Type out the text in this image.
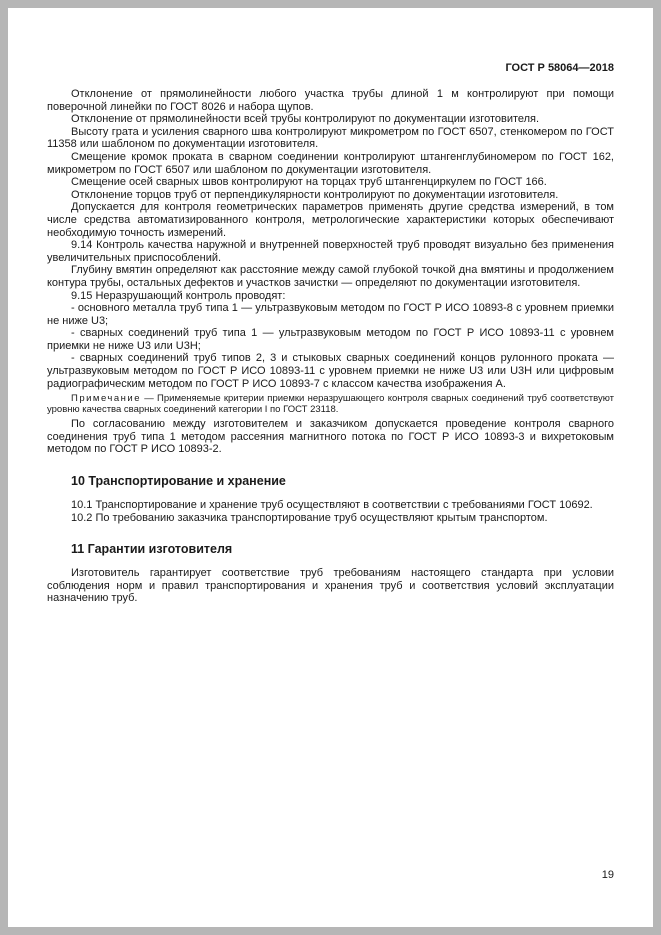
ГОСТ Р 58064—2018

Отклонение от прямолинейности любого участка трубы длиной 1 м контролируют при помощи поверочной линейки по ГОСТ 8026 и набора щупов.

Отклонение от прямолинейности всей трубы контролируют по документации изготовителя.

Высоту грата и усиления сварного шва контролируют микрометром по ГОСТ 6507, стенкомером по ГОСТ 11358 или шаблоном по документации изготовителя.

Смещение кромок проката в сварном соединении контролируют штангенглубиномером по ГОСТ 162, микрометром по ГОСТ 6507 или шаблоном по документации изготовителя.

Смещение осей сварных швов контролируют на торцах труб штангенциркулем по ГОСТ 166.

Отклонение торцов труб от перпендикулярности контролируют по документации изготовителя.

Допускается для контроля геометрических параметров применять другие средства измерений, в том числе средства автоматизированного контроля, метрологические характеристики которых обеспечивают необходимую точность измерений.

9.14 Контроль качества наружной и внутренней поверхностей труб проводят визуально без применения увеличительных приспособлений.

Глубину вмятин определяют как расстояние между самой глубокой точкой дна вмятины и продолжением контура трубы, остальных дефектов и участков зачистки — определяют по документации изготовителя.

9.15 Неразрушающий контроль проводят:

- основного металла труб типа 1 — ультразвуковым методом по ГОСТ Р ИСО 10893-8 с уровнем приемки не ниже U3;

- сварных соединений труб типа 1 — ультразвуковым методом по ГОСТ Р ИСО 10893-11 с уровнем приемки не ниже U3 или U3H;

- сварных соединений труб типов 2, 3 и стыковых сварных соединений концов рулонного проката — ультразвуковым методом по ГОСТ Р ИСО 10893-11 с уровнем приемки не ниже U3 или U3H или цифровым радиографическим методом по ГОСТ Р ИСО 10893-7 с классом качества изображения А.

Примечание — Применяемые критерии приемки неразрушающего контроля сварных соединений труб соответствуют уровню качества сварных соединений категории I по ГОСТ 23118.

По согласованию между изготовителем и заказчиком допускается проведение контроля сварного соединения труб типа 1 методом рассеяния магнитного потока по ГОСТ Р ИСО 10893-3 и вихретоковым методом по ГОСТ Р ИСО 10893-2.

10 Транспортирование и хранение

10.1 Транспортирование и хранение труб осуществляют в соответствии с требованиями ГОСТ 10692.

10.2 По требованию заказчика транспортирование труб осуществляют крытым транспортом.

11 Гарантии изготовителя

Изготовитель гарантирует соответствие труб требованиям настоящего стандарта при условии соблюдения норм и правил транспортирования и хранения труб и соответствия условий эксплуатации назначению труб.

19
